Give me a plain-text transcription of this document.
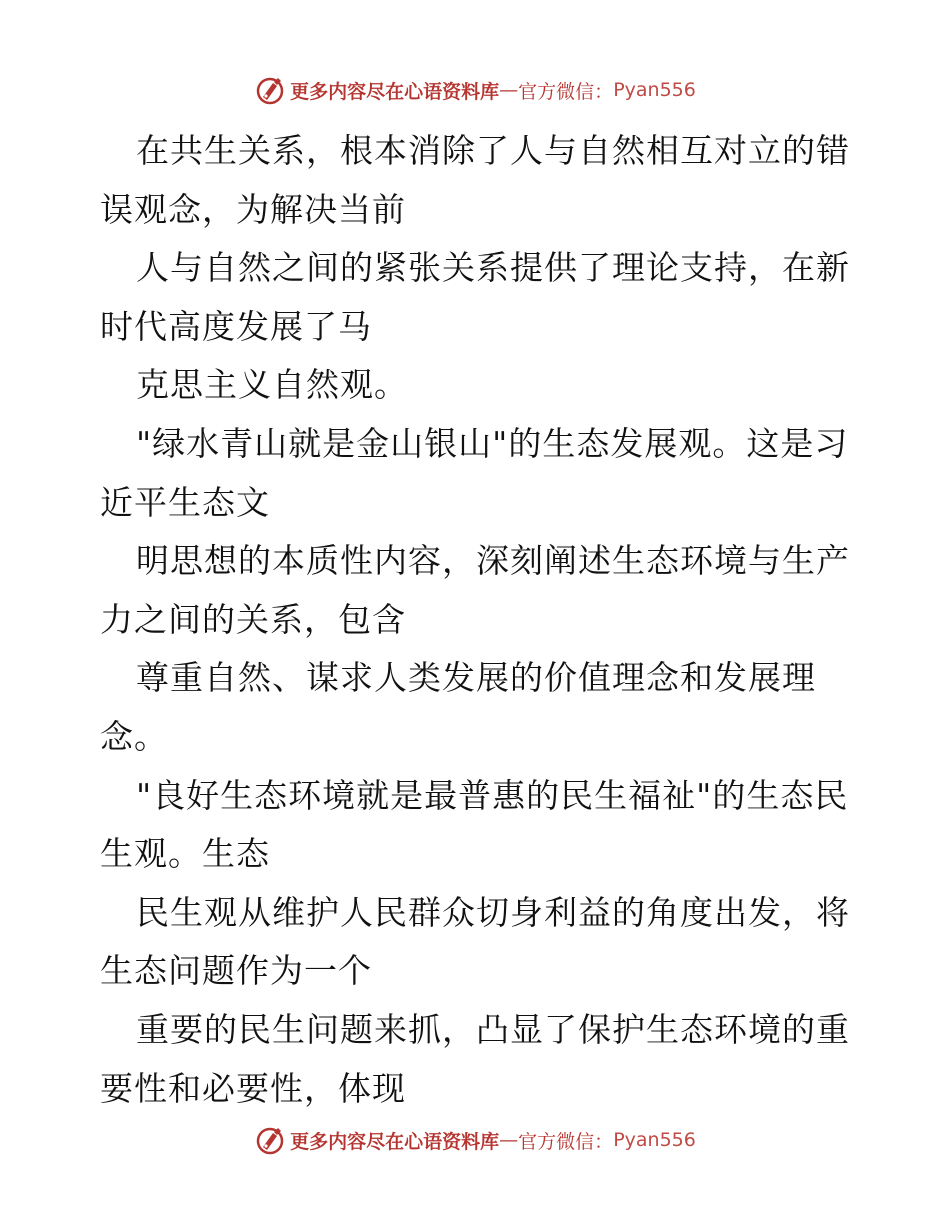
更多内容尽在心语资料库 — 官方微信： Pyan556
在共生关系，根本消除了人与自然相互对立的错
误观念，为解决当前
人与自然之间的紧张关系提供了理论支持，在新
时代高度发展了马
克思主义自然观。
"绿水青山就是金山银山"的生态发展观。这是习
近平生态文
明思想的本质性内容，深刻阐述生态环境与生产
力之间的关系，包含
尊重自然、谋求人类发展的价值理念和发展理
念。
"良好生态环境就是最普惠的民生福祉"的生态民
生观。生态
民生观从维护人民群众切身利益的角度出发，将
生态问题作为一个
重要的民生问题来抓，凸显了保护生态环境的重
要性和必要性，体现
更多内容尽在心语资料库 — 官方微信： Pyan556
